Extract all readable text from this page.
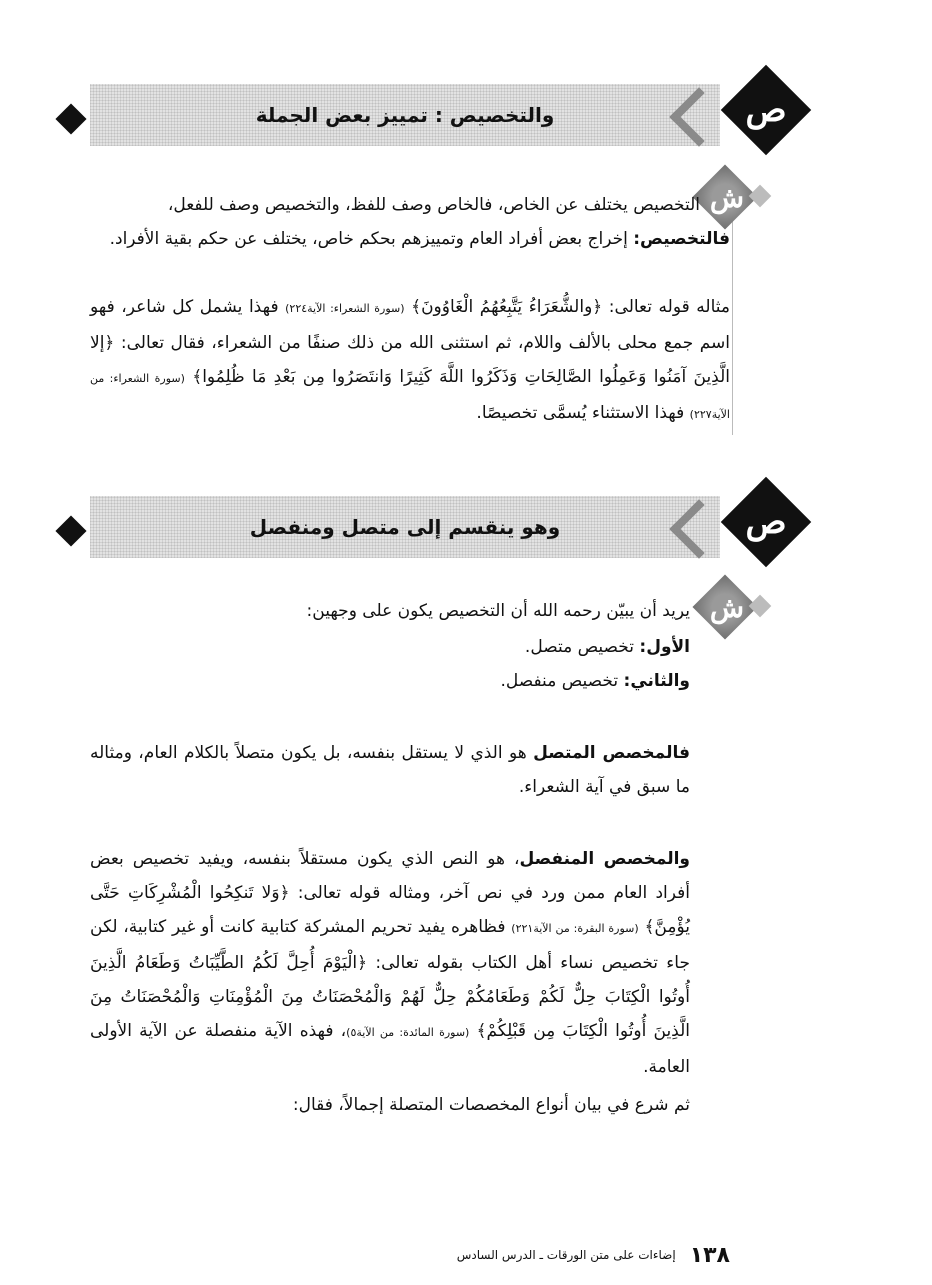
والتخصيص : تمييز بعض الجملة	ص
ش
التخصيص يختلف عن الخاص، فالخاص وصف للفظ، والتخصيص وصف للفعل،
فالتخصيص: إخراج بعض أفراد العام وتمييزهم بحكم خاص، يختلف عن حكم بقية الأفراد.
مثاله قوله تعالى: ﴿والشُّعَرَاءُ يَتَّبِعُهُمُ الْغَاوُونَ﴾ (سورة الشعراء: الآية٢٢٤) فهذا يشمل كل شاعر، فهو اسم جمع محلى بالألف واللام، ثم استثنى الله من ذلك صنفًا من الشعراء، فقال تعالى: ﴿إلا الَّذِينَ آمَنُوا وَعَمِلُوا الصَّالِحَاتِ وَذَكَرُوا اللَّهَ كَثِيرًا وَانتَصَرُوا مِن بَعْدِ مَا ظُلِمُوا﴾ (سورة الشعراء: من الآية٢٢٧) فهذا الاستثناء يُسمَّى تخصيصًا.
وهو ينقسم إلى متصل ومنفصل	ص
ش
يريد أن يبيّن رحمه الله أن التخصيص يكون على وجهين:
الأول: تخصيص متصل.
والثاني: تخصيص منفصل.
فالمخصص المتصل هو الذي لا يستقل بنفسه، بل يكون متصلاً بالكلام العام، ومثاله ما سبق في آية الشعراء.
والمخصص المنفصل، هو النص الذي يكون مستقلاً بنفسه، ويفيد تخصيص بعض أفراد العام ممن ورد في نص آخر، ومثاله قوله تعالى: ﴿وَلا تَنكِحُوا الْمُشْرِكَاتِ حَتَّى يُؤْمِنَّ﴾ (سورة البقرة: من الآية٢٢١) فظاهره يفيد تحريم المشركة كتابية كانت أو غير كتابية، لكن جاء تخصيص نساء أهل الكتاب بقوله تعالى: ﴿الْيَوْمَ أُحِلَّ لَكُمُ الطَّيِّبَاتُ وَطَعَامُ الَّذِينَ أُوتُوا الْكِتَابَ حِلٌّ لَكُمْ وَطَعَامُكُمْ حِلٌّ لَهُمْ وَالْمُحْصَنَاتُ مِنَ الْمُؤْمِنَاتِ وَالْمُحْصَنَاتُ مِنَ الَّذِينَ أُوتُوا الْكِتَابَ مِن قَبْلِكُمْ﴾ (سورة المائدة: من الآية٥)، فهذه الآية منفصلة عن الآية الأولى العامة.
ثم شرع في بيان أنواع المخصصات المتصلة إجمالاً، فقال:
١٣٨
إضاءات على متن الورقات ـ الدرس السادس
